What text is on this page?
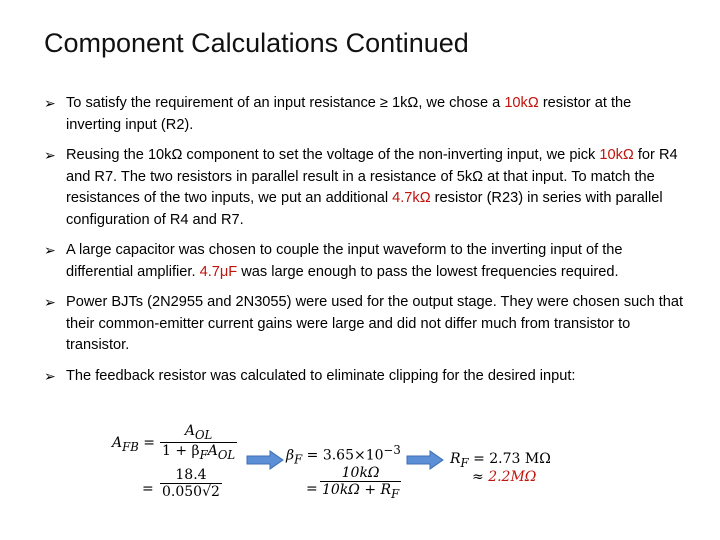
Component Calculations Continued
➢ To satisfy the requirement of an input resistance ≥ 1kΩ, we chose a 10kΩ resistor at the inverting input (R2).
➢ Reusing the 10kΩ component to set the voltage of the non-inverting input, we pick 10kΩ for R4 and R7. The two resistors in parallel result in a resistance of 5kΩ at that input. To match the resistances of the two inputs, we put an additional 4.7kΩ resistor (R23) in series with parallel configuration of R4 and R7.
➢ A large capacitor was chosen to couple the input waveform to the inverting input of the differential amplifier. 4.7μF was large enough to pass the lowest frequencies required.
➢ Power BJTs (2N2955 and 2N3055) were used for the output stage. They were chosen such that their common-emitter current gains were large and did not differ much from transistor to transistor.
➢ The feedback resistor was calculated to eliminate clipping for the desired input:
$A_{FB} = \frac{A_{OL}}{1 + \beta_FA_{OL}}$
= $\frac{18.4}{0.050√2}$
$\beta_F = 3.65\times 10^{-3}$
= $\frac{10k\Omega}{10k\Omega + R_F}$
$R_F = 2.73$ MΩ
≈ 2.2MΩ
